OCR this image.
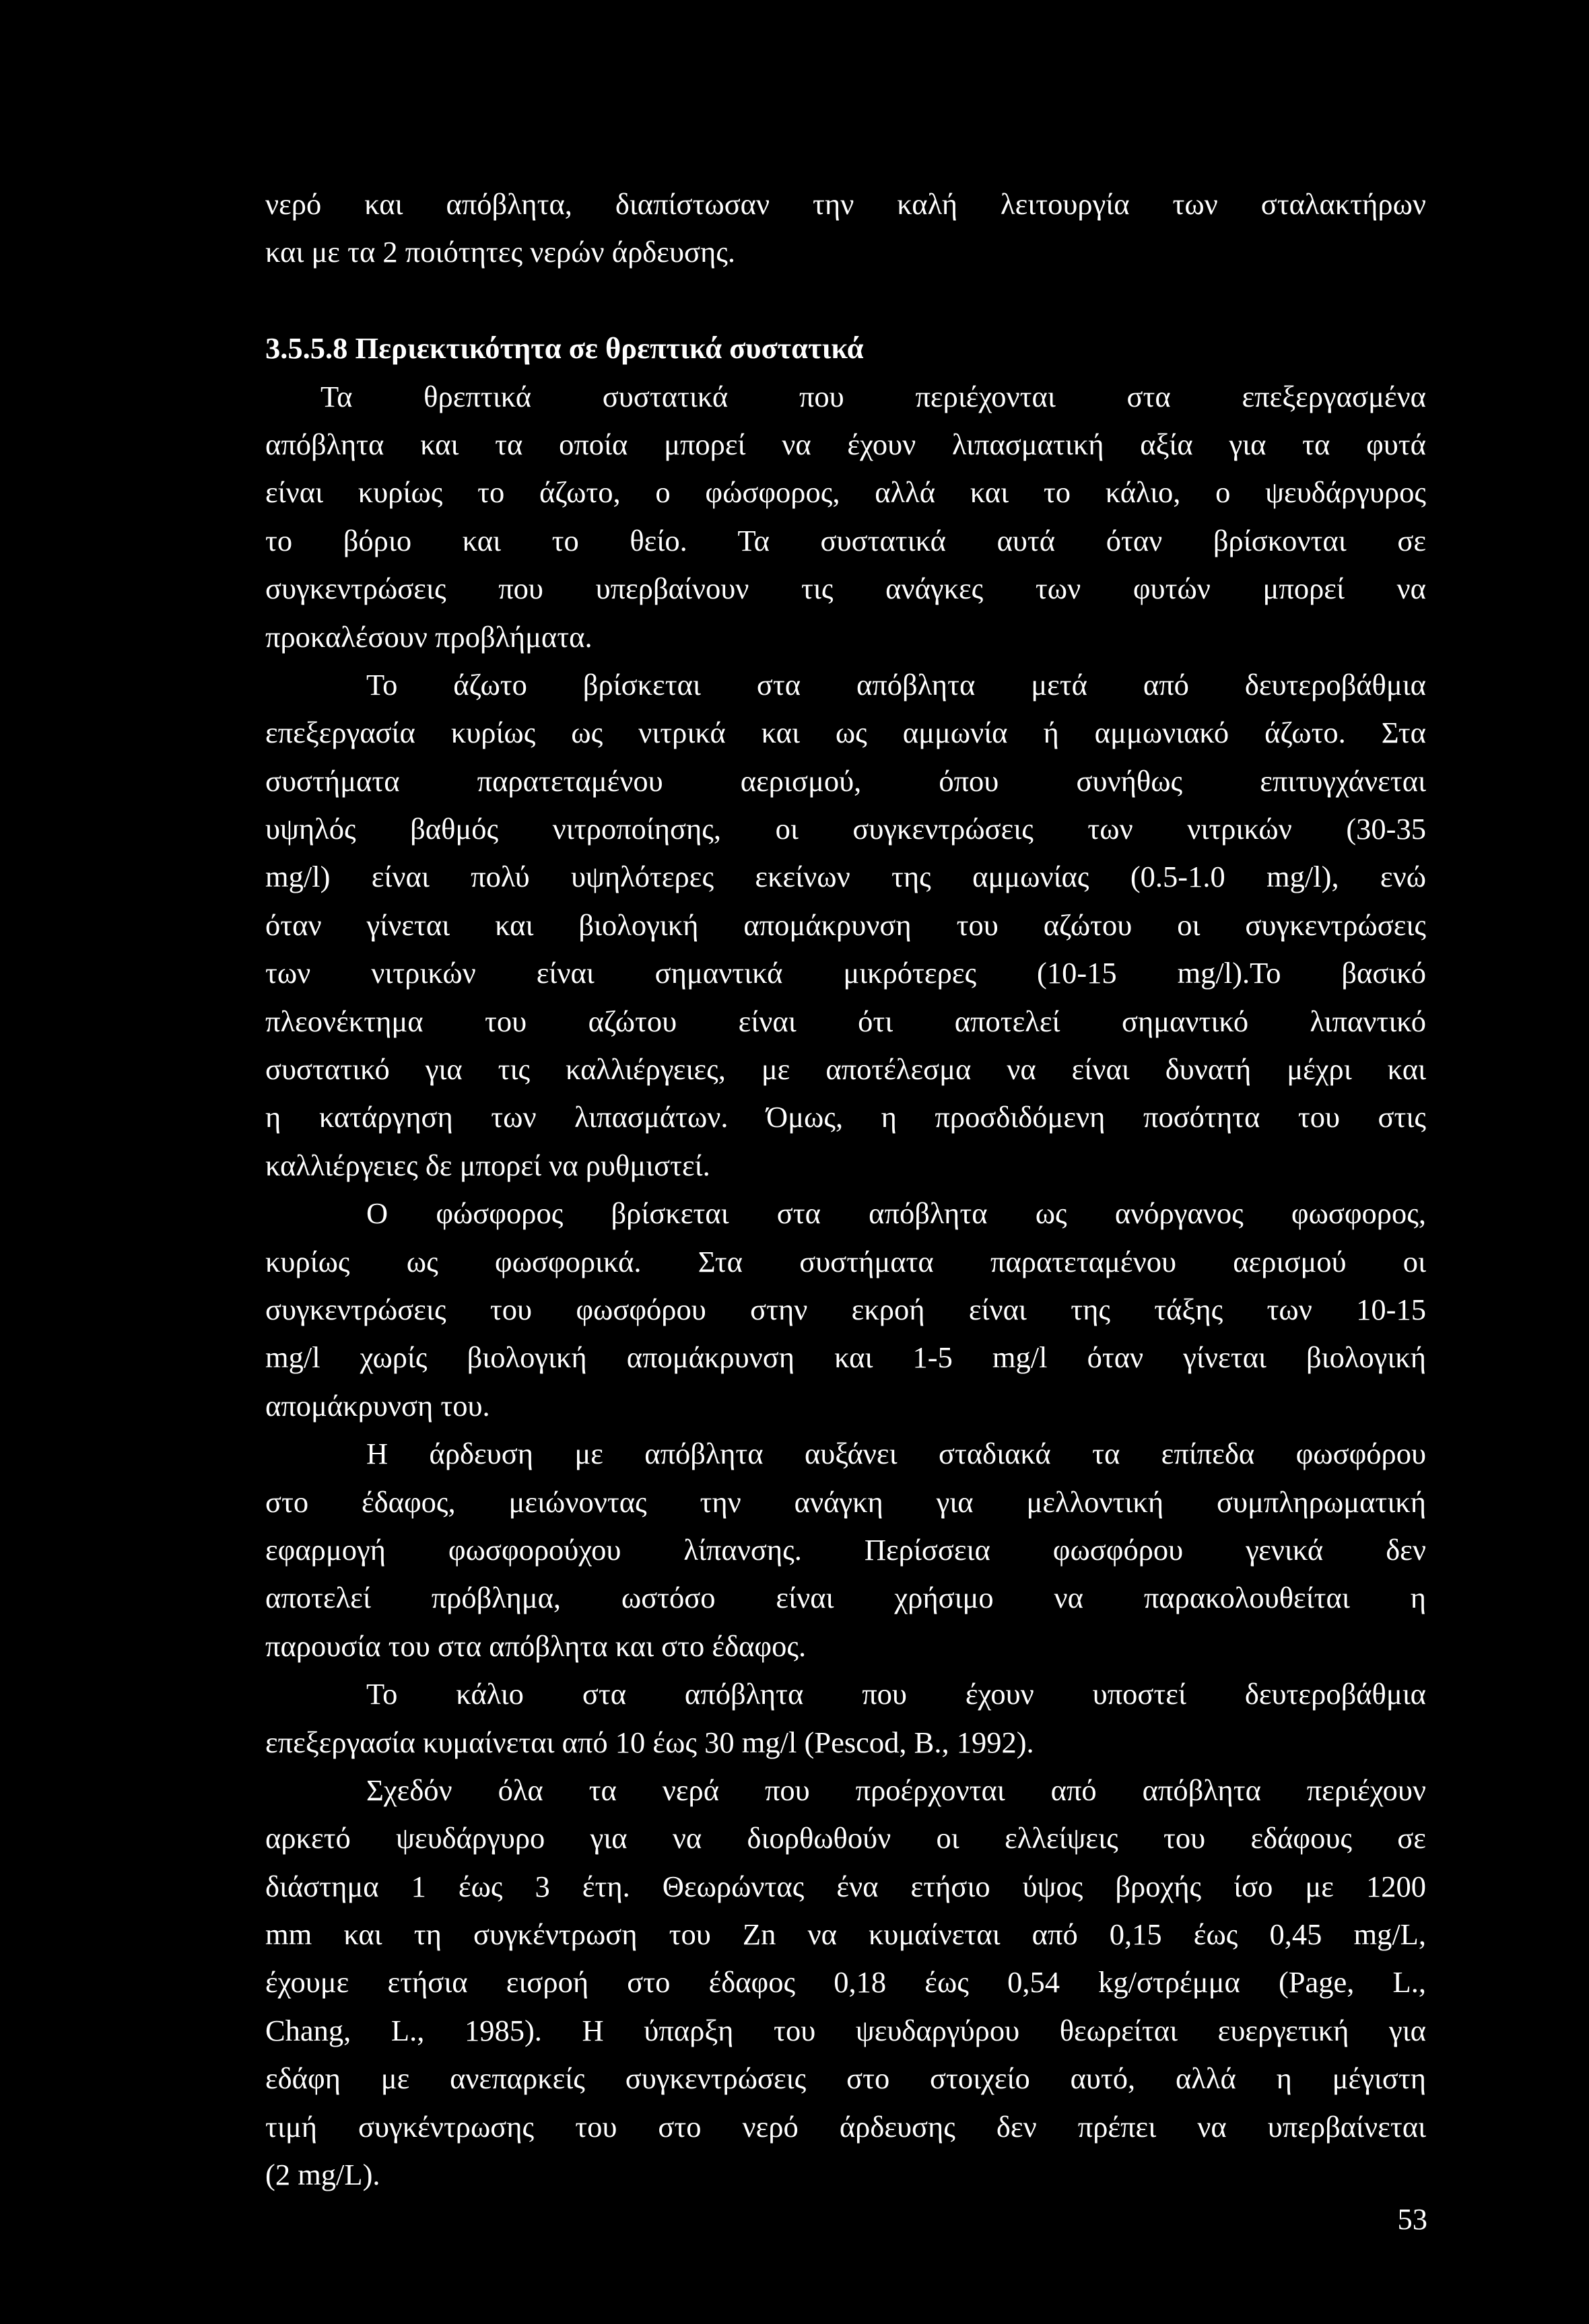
νερό και απόβλητα, διαπίστωσαν την καλή λειτουργία των σταλακτήρων
και με τα 2 ποιότητες νερών άρδευσης.
3.5.5.8 Περιεκτικότητα σε θρεπτικά συστατικά
Τα θρεπτικά συστατικά που περιέχονται στα επεξεργασμένα
απόβλητα και τα οποία μπορεί να έχουν λιπασματική αξία για τα φυτά
είναι κυρίως το άζωτο, ο φώσφορος, αλλά και το κάλιο, ο ψευδάργυρος
το βόριο και το θείο. Τα συστατικά αυτά όταν βρίσκονται σε
συγκεντρώσεις που υπερβαίνουν τις ανάγκες των φυτών μπορεί να
προκαλέσουν προβλήματα.
Το άζωτο βρίσκεται στα απόβλητα μετά από δευτεροβάθμια
επεξεργασία κυρίως ως νιτρικά και ως αμμωνία ή αμμωνιακό άζωτο. Στα
συστήματα παρατεταμένου αερισμού, όπου συνήθως επιτυγχάνεται
υψηλός βαθμός νιτροποίησης, οι συγκεντρώσεις των νιτρικών (30-35
mg/l) είναι πολύ υψηλότερες εκείνων της αμμωνίας (0.5-1.0 mg/l), ενώ
όταν γίνεται και βιολογική απομάκρυνση του αζώτου οι συγκεντρώσεις
των νιτρικών είναι σημαντικά μικρότερες (10-15 mg/l).Το βασικό
πλεονέκτημα του αζώτου είναι ότι αποτελεί σημαντικό λιπαντικό
συστατικό για τις καλλιέργειες, με αποτέλεσμα να είναι δυνατή μέχρι και
η κατάργηση των λιπασμάτων. Όμως, η προσδιδόμενη ποσότητα του στις
καλλιέργειες δε μπορεί να ρυθμιστεί.
Ο φώσφορος βρίσκεται στα απόβλητα ως ανόργανος φωσφορος,
κυρίως ως φωσφορικά. Στα συστήματα παρατεταμένου αερισμού οι
συγκεντρώσεις του φωσφόρου στην εκροή είναι της τάξης των 10-15
mg/l χωρίς βιολογική απομάκρυνση και 1-5 mg/l όταν γίνεται βιολογική
απομάκρυνση του.
Η άρδευση με απόβλητα αυξάνει σταδιακά τα επίπεδα φωσφόρου
στο έδαφος, μειώνοντας την ανάγκη για μελλοντική συμπληρωματική
εφαρμογή φωσφορούχου λίπανσης. Περίσσεια φωσφόρου γενικά δεν
αποτελεί πρόβλημα, ωστόσο είναι χρήσιμο να παρακολουθείται η
παρουσία του στα απόβλητα και στο έδαφος.
Το κάλιο στα απόβλητα που έχουν υποστεί δευτεροβάθμια
επεξεργασία κυμαίνεται από 10 έως 30 mg/l (Pescod, B., 1992).
Σχεδόν όλα τα νερά που προέρχονται από απόβλητα περιέχουν
αρκετό ψευδάργυρο για να διορθωθούν οι ελλείψεις του εδάφους σε
διάστημα 1 έως 3 έτη. Θεωρώντας ένα ετήσιο ύψος βροχής ίσο με 1200
mm και τη συγκέντρωση του Zn να κυμαίνεται από 0,15 έως 0,45 mg/L,
έχουμε ετήσια εισροή στο έδαφος 0,18 έως 0,54 kg/στρέμμα (Page, L.,
Chang, L., 1985). Η ύπαρξη του ψευδαργύρου θεωρείται ευεργετική για
εδάφη με ανεπαρκείς συγκεντρώσεις στο στοιχείο αυτό, αλλά η μέγιστη
τιμή συγκέντρωσης του στο νερό άρδευσης δεν πρέπει να υπερβαίνεται
(2 mg/L).
53
